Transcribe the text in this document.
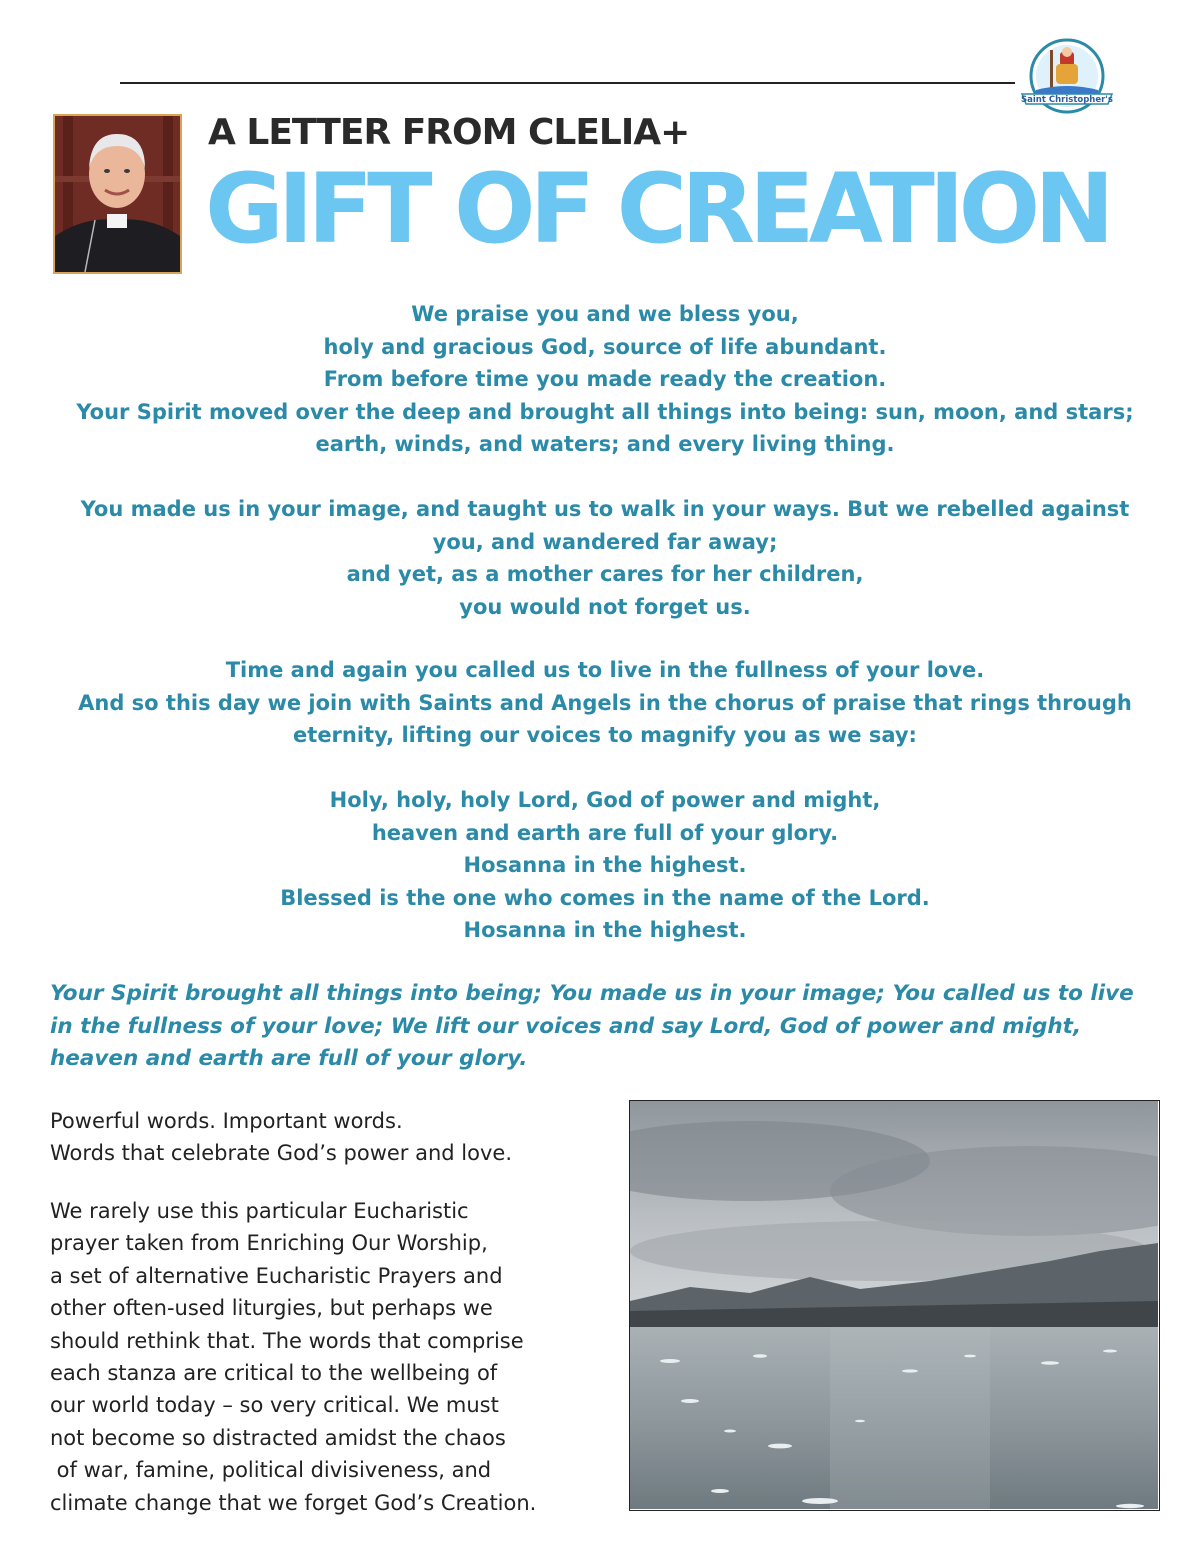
Saint Christopher's
A LETTER FROM CLELIA+
GIFT OF CREATION
We praise you and we bless you,
holy and gracious God, source of life abundant.
From before time you made ready the creation.
Your Spirit moved over the deep and brought all things into being: sun, moon, and stars;
earth, winds, and waters; and every living thing.
You made us in your image, and taught us to walk in your ways. But we rebelled against
you, and wandered far away;
and yet, as a mother cares for her children,
you would not forget us.
Time and again you called us to live in the fullness of your love.
And so this day we join with Saints and Angels in the chorus of praise that rings through
eternity, lifting our voices to magnify you as we say:
Holy, holy, holy Lord, God of power and might,
heaven and earth are full of your glory.
Hosanna in the highest.
Blessed is the one who comes in the name of the Lord.
Hosanna in the highest.
Your Spirit brought all things into being; You made us in your image; You called us to live
in the fullness of your love; We lift our voices and say Lord, God of power and might,
heaven and earth are full of your glory.
Powerful words. Important words.
Words that celebrate God’s power and love.
We rarely use this particular Eucharistic
prayer taken from Enriching Our Worship,
a set of alternative Eucharistic Prayers and
other often-used liturgies, but perhaps we
should rethink that. The words that comprise
each stanza are critical to the wellbeing of
our world today – so very critical. We must
not become so distracted amidst the chaos
of war, famine, political divisiveness, and
climate change that we forget God’s Creation.
